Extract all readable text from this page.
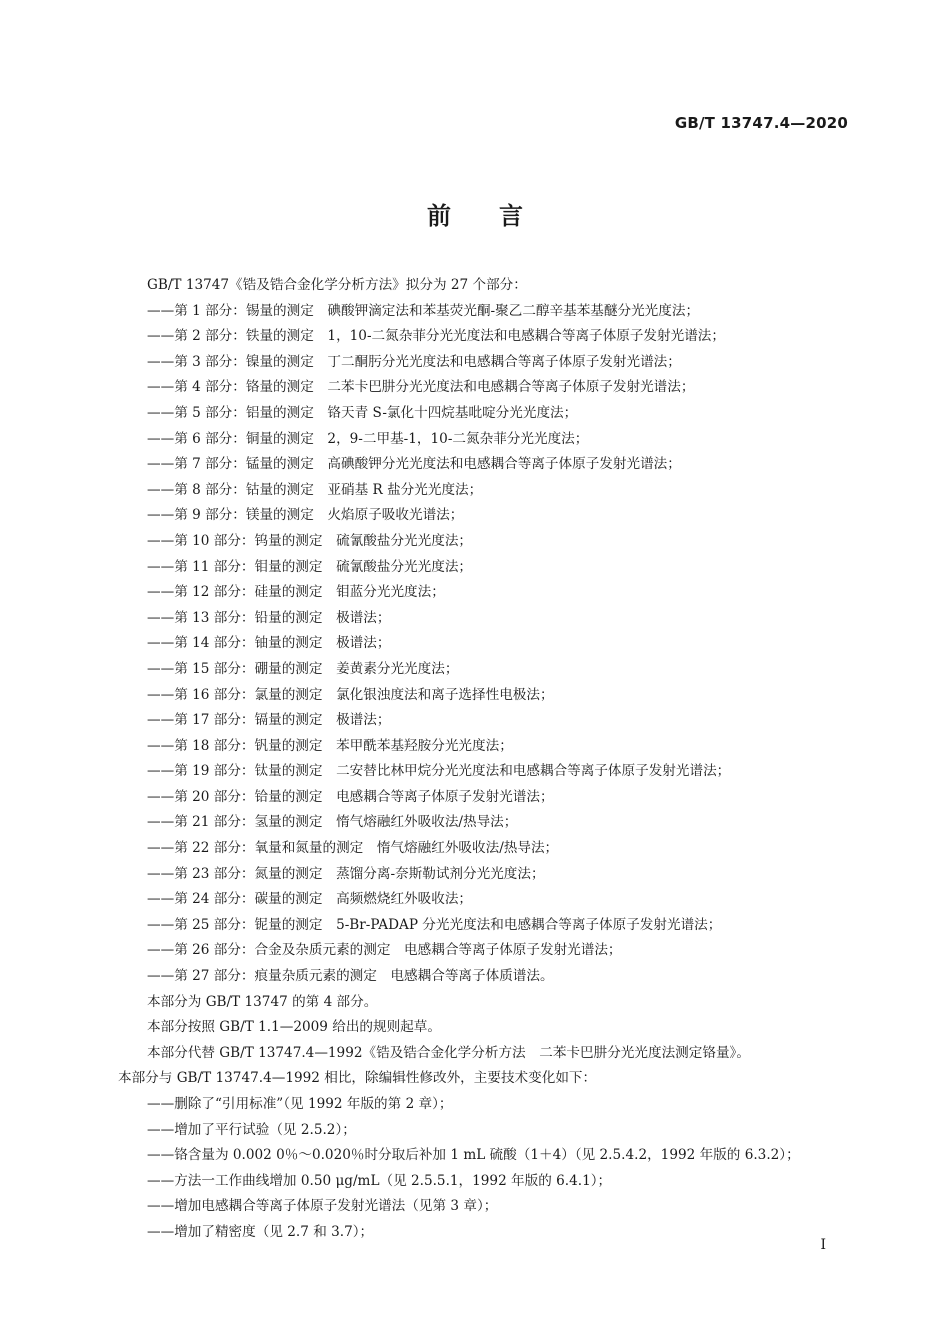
GB/T 13747.4—2020
前 言
GB/T 13747《锆及锆合金化学分析方法》拟分为 27 个部分：
——第 1 部分：锡量的测定　碘酸钾滴定法和苯基荧光酮-聚乙二醇辛基苯基醚分光光度法；
——第 2 部分：铁量的测定　1，10-二氮杂菲分光光度法和电感耦合等离子体原子发射光谱法；
——第 3 部分：镍量的测定　丁二酮肟分光光度法和电感耦合等离子体原子发射光谱法；
——第 4 部分：铬量的测定　二苯卡巴肼分光光度法和电感耦合等离子体原子发射光谱法；
——第 5 部分：铝量的测定　铬天青 S-氯化十四烷基吡啶分光光度法；
——第 6 部分：铜量的测定　2，9-二甲基-1，10-二氮杂菲分光光度法；
——第 7 部分：锰量的测定　高碘酸钾分光光度法和电感耦合等离子体原子发射光谱法；
——第 8 部分：钴量的测定　亚硝基 R 盐分光光度法；
——第 9 部分：镁量的测定　火焰原子吸收光谱法；
——第 10 部分：钨量的测定　硫氰酸盐分光光度法；
——第 11 部分：钼量的测定　硫氰酸盐分光光度法；
——第 12 部分：硅量的测定　钼蓝分光光度法；
——第 13 部分：铅量的测定　极谱法；
——第 14 部分：铀量的测定　极谱法；
——第 15 部分：硼量的测定　姜黄素分光光度法；
——第 16 部分：氯量的测定　氯化银浊度法和离子选择性电极法；
——第 17 部分：镉量的测定　极谱法；
——第 18 部分：钒量的测定　苯甲酰苯基羟胺分光光度法；
——第 19 部分：钛量的测定　二安替比林甲烷分光光度法和电感耦合等离子体原子发射光谱法；
——第 20 部分：铪量的测定　电感耦合等离子体原子发射光谱法；
——第 21 部分：氢量的测定　惰气熔融红外吸收法/热导法；
——第 22 部分：氧量和氮量的测定　惰气熔融红外吸收法/热导法；
——第 23 部分：氮量的测定　蒸馏分离-奈斯勒试剂分光光度法；
——第 24 部分：碳量的测定　高频燃烧红外吸收法；
——第 25 部分：铌量的测定　5-Br-PADAP 分光光度法和电感耦合等离子体原子发射光谱法；
——第 26 部分：合金及杂质元素的测定　电感耦合等离子体原子发射光谱法；
——第 27 部分：痕量杂质元素的测定　电感耦合等离子体质谱法。
本部分为 GB/T 13747 的第 4 部分。
本部分按照 GB/T 1.1—2009 给出的规则起草。
本部分代替 GB/T 13747.4—1992《锆及锆合金化学分析方法　二苯卡巴肼分光光度法测定铬量》。
本部分与 GB/T 13747.4—1992 相比，除编辑性修改外，主要技术变化如下：
——删除了“引用标准”（见 1992 年版的第 2 章）；
——增加了平行试验（见 2.5.2）；
——铬含量为 0.002 0％～0.020％时分取后补加 1 mL 硫酸（1＋4）（见 2.5.4.2，1992 年版的 6.3.2）；
——方法一工作曲线增加 0.50 μg/mL（见 2.5.5.1，1992 年版的 6.4.1）；
——增加电感耦合等离子体原子发射光谱法（见第 3 章）；
——增加了精密度（见 2.7 和 3.7）；
I
